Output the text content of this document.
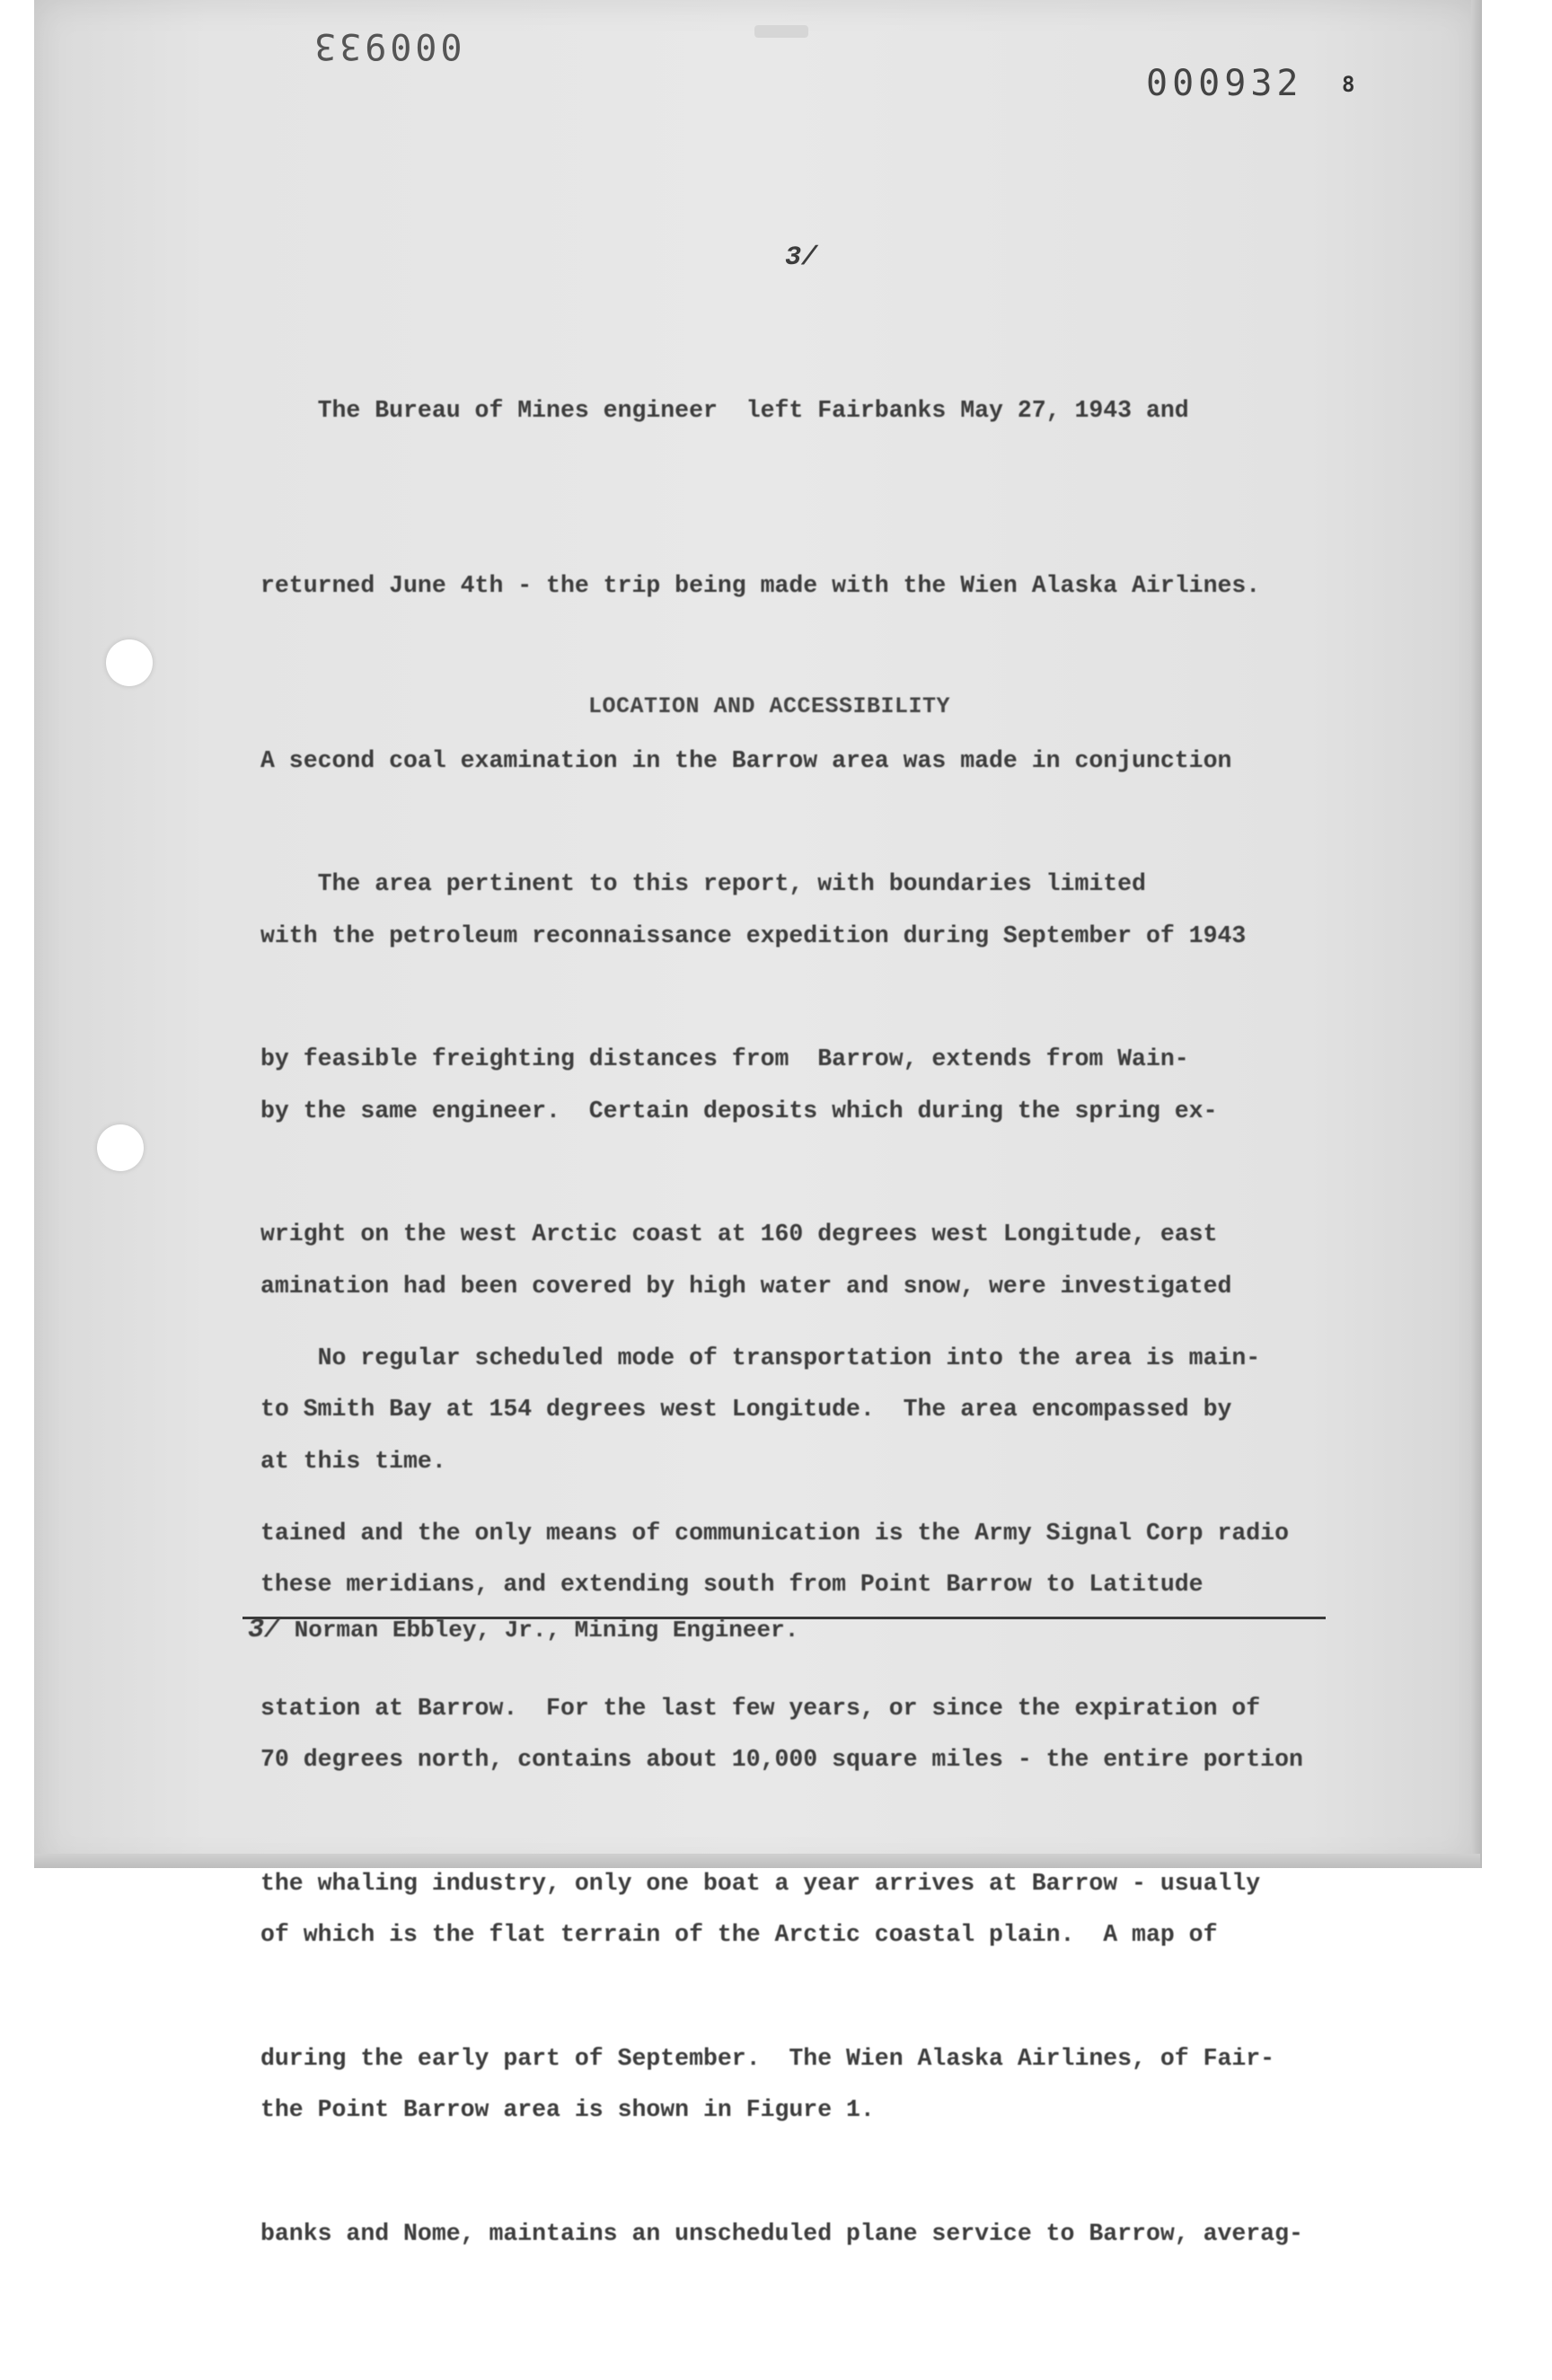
000933
000932 8
3/

The Bureau of Mines engineer  left Fairbanks May 27, 1943 and

returned June 4th - the trip being made with the Wien Alaska Airlines.

A second coal examination in the Barrow area was made in conjunction

with the petroleum reconnaissance expedition during September of 1943

by the same engineer.  Certain deposits which during the spring ex-

amination had been covered by high water and snow, were investigated

at this time.

LOCATION AND ACCESSIBILITY

The area pertinent to this report, with boundaries limited

by feasible freighting distances from  Barrow, extends from Wain-

wright on the west Arctic coast at 160 degrees west Longitude, east

to Smith Bay at 154 degrees west Longitude.  The area encompassed by

these meridians, and extending south from Point Barrow to Latitude

70 degrees north, contains about 10,000 square miles - the entire portion

of which is the flat terrain of the Arctic coastal plain.  A map of

the Point Barrow area is shown in Figure 1.

No regular scheduled mode of transportation into the area is main-

tained and the only means of communication is the Army Signal Corp radio

station at Barrow.  For the last few years, or since the expiration of

the whaling industry, only one boat a year arrives at Barrow - usually

during the early part of September.  The Wien Alaska Airlines, of Fair-

banks and Nome, maintains an unscheduled plane service to Barrow, averag-

3/ Norman Ebbley, Jr., Mining Engineer.
